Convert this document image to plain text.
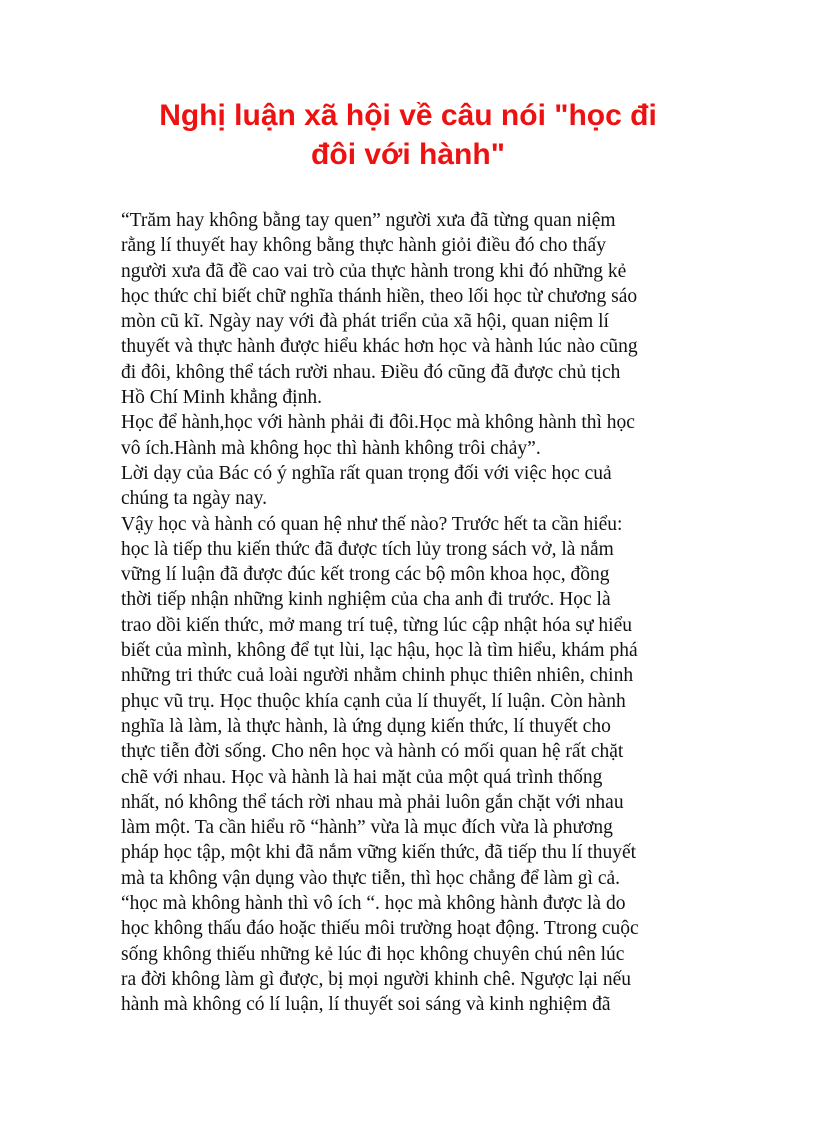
Nghị luận xã hội về câu nói "học đi
đôi với hành"
“Trăm hay không bằng tay quen” người xưa đã từng quan niệm
rằng lí thuyết hay không bằng thực hành giỏi điều đó cho thấy
người xưa đã đề cao vai trò của thực hành trong khi đó những kẻ
học thức chỉ biết chữ nghĩa thánh hiền, theo lối học từ chương sáo
mòn cũ kĩ. Ngày nay với đà phát triển của xã hội, quan niệm lí
thuyết và thực hành được hiểu khác hơn học và hành lúc nào cũng
đi đôi, không thể tách rười nhau. Điều đó cũng đã được chủ tịch
Hồ Chí Minh khẳng định.
Học để hành,học với hành phải đi đôi.Học mà không hành thì học
vô ích.Hành mà không học thì hành không trôi chảy”.
Lời dạy của Bác có ý nghĩa rất quan trọng đối với việc học cuả
chúng ta ngày nay.
Vậy học và hành có quan hệ như thế nào? Trước hết ta cần hiểu:
học là tiếp thu kiến thức đã được tích lủy trong sách vở, là nắm
vững lí luận đã được đúc kết trong các bộ môn khoa học, đồng
thời tiếp nhận những kinh nghiệm của cha anh đi trước. Học là
trao dồi kiến thức, mở mang trí tuệ, từng lúc cập nhật hóa sự hiểu
biết của mình, không để tụt lùi, lạc hậu, học là tìm hiểu, khám phá
những tri thức cuả loài người nhằm chinh phục thiên nhiên, chinh
phục vũ trụ. Học thuộc khía cạnh của lí thuyết, lí luận. Còn hành
nghĩa là làm, là thực hành, là ứng dụng kiến thức, lí thuyết cho
thực tiễn đời sống. Cho nên học và hành có mối quan hệ rất chặt
chẽ với nhau. Học và hành là hai mặt của một quá trình thống
nhất, nó không thể tách rời nhau mà phải luôn gắn chặt với nhau
làm một. Ta cần hiểu rõ “hành” vừa là mục đích vừa là phương
pháp học tập, một khi đã nắm vững kiến thức, đã tiếp thu lí thuyết
mà ta không vận dụng vào thực tiễn, thì học chẳng để làm gì cả.
“học mà không hành thì vô ích “. học mà không hành được là do
học không thấu đáo hoặc thiếu môi trường hoạt động. Ttrong cuộc
sống không thiếu những kẻ lúc đi học không chuyên chú nên lúc
ra đời không làm gì được, bị mọi người khinh chê. Ngược lại nếu
hành mà không có lí luận, lí thuyết soi sáng và kinh nghiệm đã
